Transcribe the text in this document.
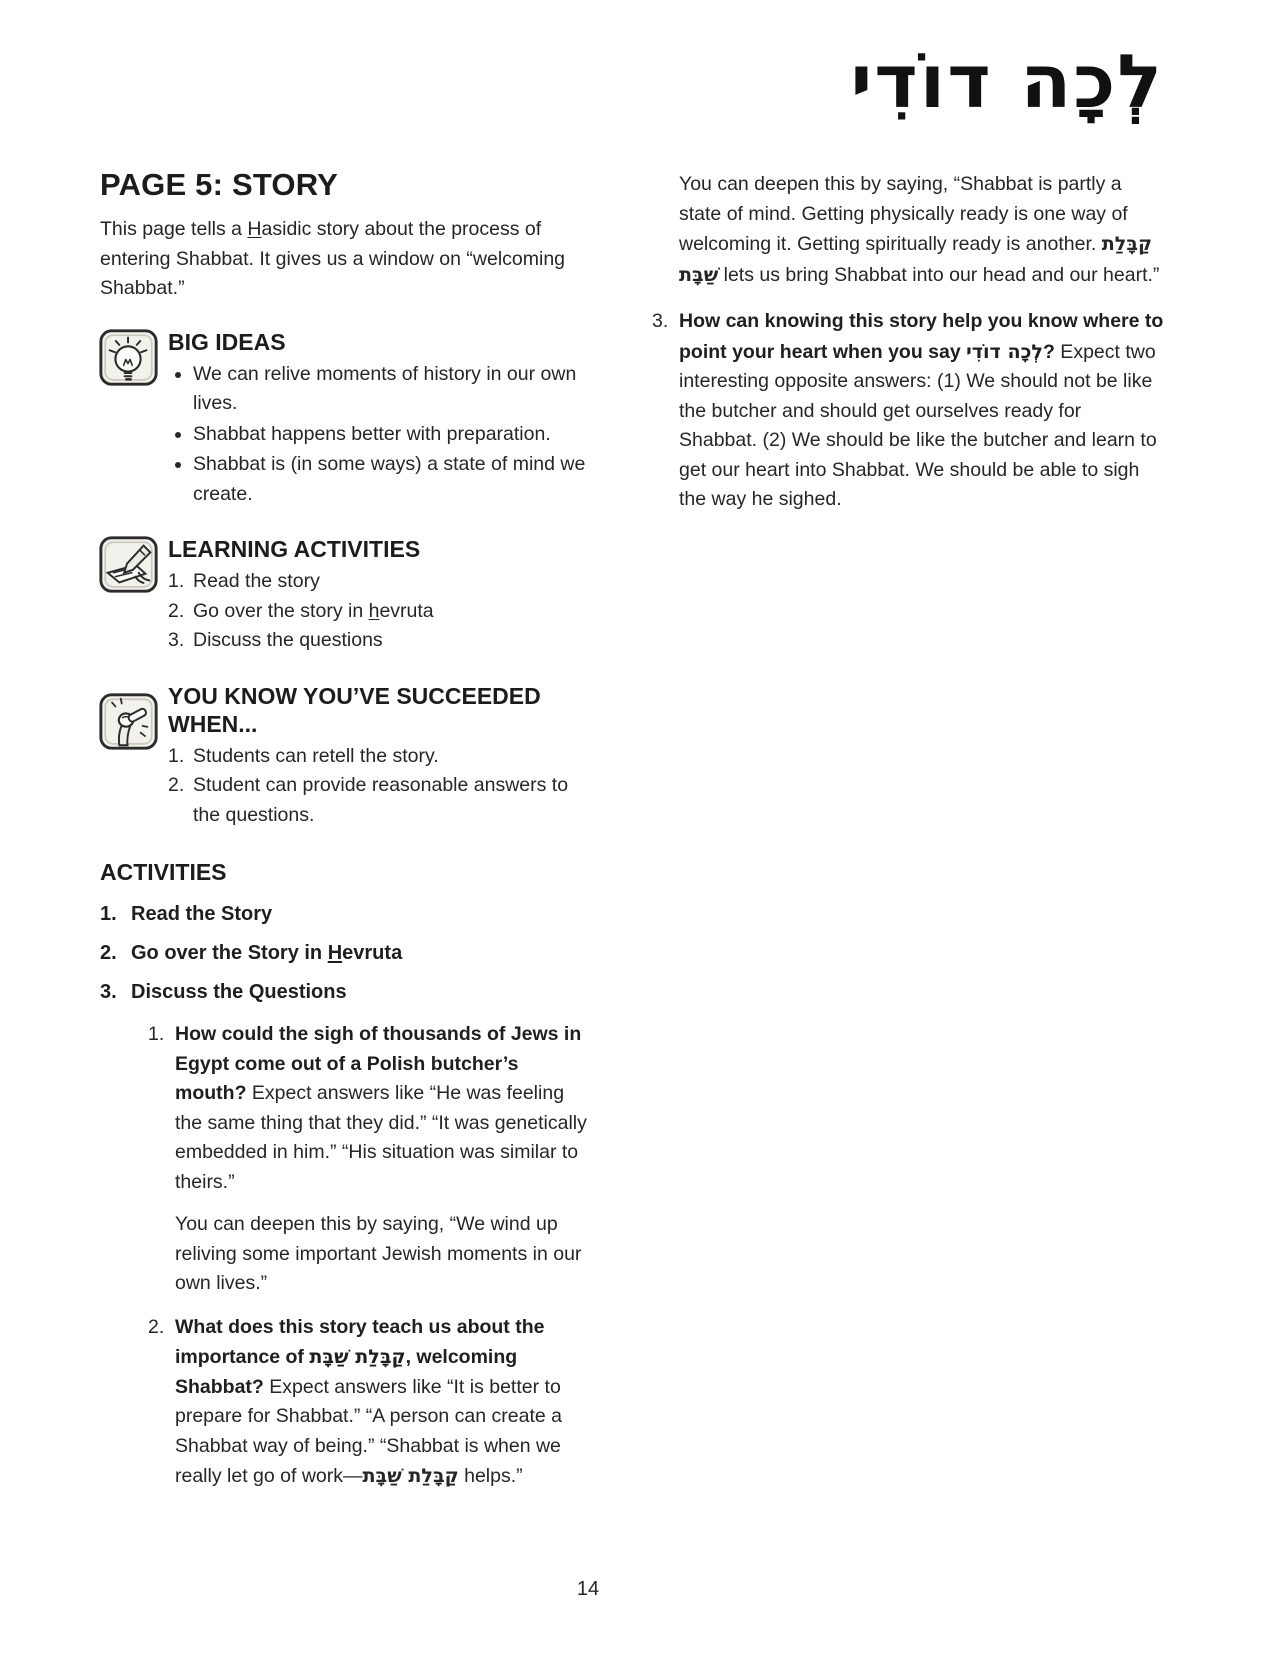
לְכָה דוֹדִי
PAGE 5: STORY

This page tells a Hasidic story about the process of entering Shabbat. It gives us a window on “welcoming Shabbat.”

BIG IDEAS
• We can relive moments of history in our own lives.
• Shabbat happens better with preparation.
• Shabbat is (in some ways) a state of mind we create.
LEARNING ACTIVITIES
1. Read the story
2. Go over the story in hevruta
3. Discuss the questions
YOU KNOW YOU’VE SUCCEEDED WHEN...
1. Students can retell the story.
2. Student can provide reasonable answers to the questions.
ACTIVITIES
1. Read the Story
2. Go over the Story in Hevruta
3. Discuss the Questions
1. How could the sigh of thousands of Jews in Egypt come out of a Polish butcher’s mouth? Expect answers like “He was feeling the same thing that they did.” “It was genetically embedded in him.” “His situation was similar to theirs.”
You can deepen this by saying, “We wind up reliving some important Jewish moments in our own lives.”
2. What does this story teach us about the importance of קַבָּלַת שַׁבָּת, welcoming Shabbat? Expect answers like “It is better to prepare for Shabbat.” “A person can create a Shabbat way of being.” “Shabbat is when we really let go of work—קַבָּלַת שַׁבָּת helps.”
You can deepen this by saying, “Shabbat is partly a state of mind. Getting physically ready is one way of welcoming it. Getting spiritually ready is another. קַבָּלַת שַׁבָּת lets us bring Shabbat into our head and our heart.”
3. How can knowing this story help you know where to point your heart when you say לְכָה דוֹדִי? Expect two interesting opposite answers: (1) We should not be like the butcher and should get ourselves ready for Shabbat. (2) We should be like the butcher and learn to get our heart into Shabbat. We should be able to sigh the way he sighed.
14
